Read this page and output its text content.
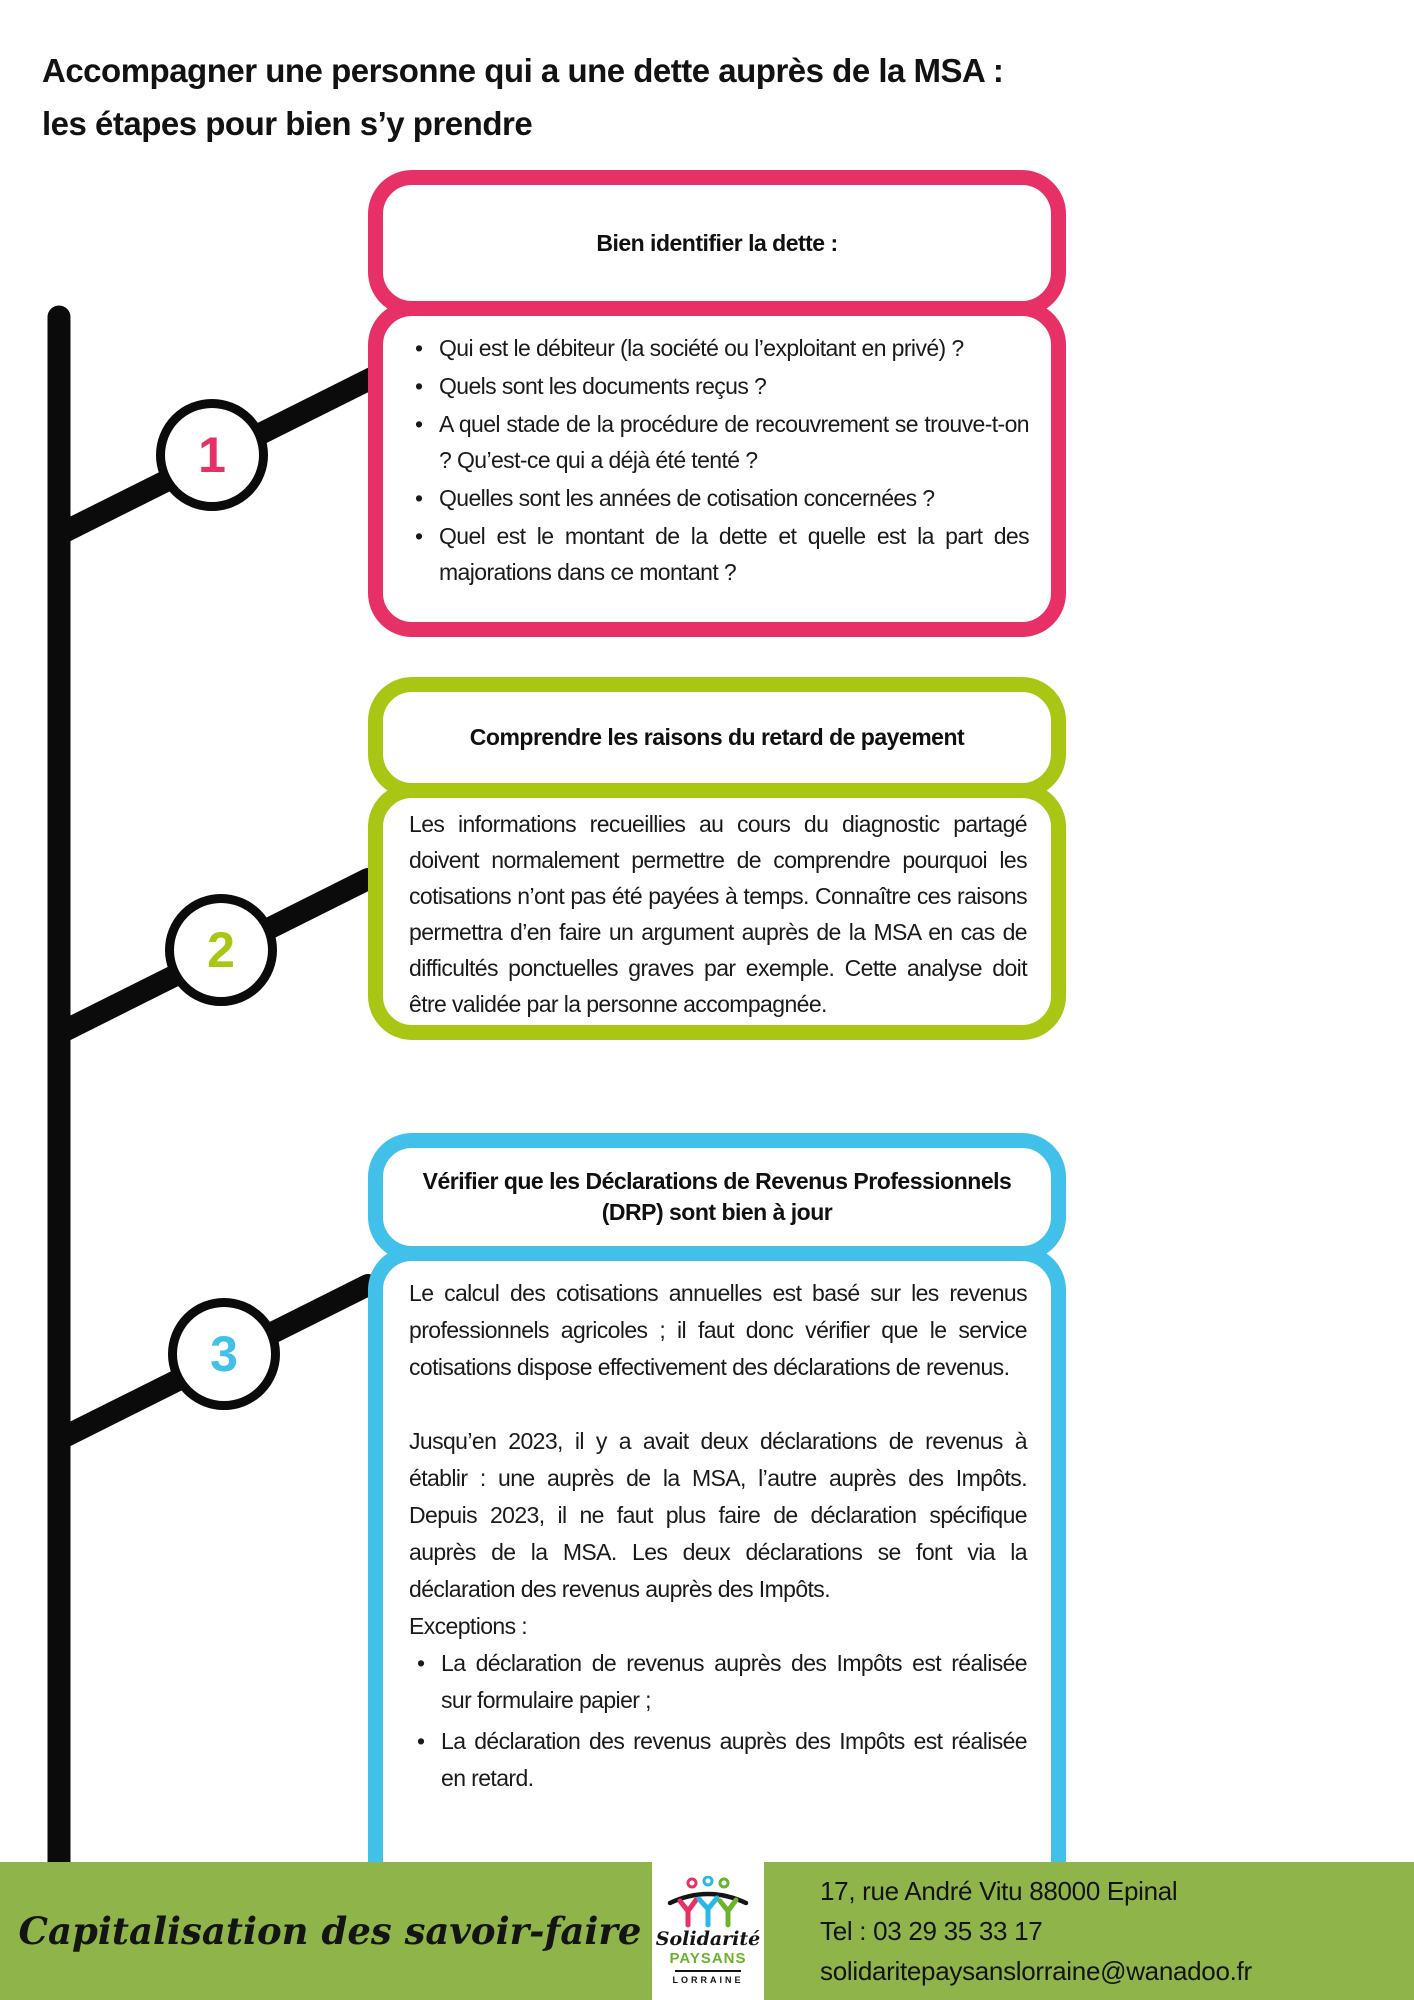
Accompagner une personne qui a une dette auprès de la MSA :
les étapes pour bien s’y prendre
1
2
3
Bien identifier la dette :
• Qui est le débiteur (la société ou l’exploitant en privé) ?
• Quels sont les documents reçus ?
• A quel stade de la procédure de recouvrement se trouve-t-on ? Qu’est-ce qui a déjà été tenté ?
• Quelles sont les années de cotisation concernées ?
• Quel est le montant de la dette et quelle est la part des majorations dans ce montant ?
Comprendre les raisons du retard de payement

Les informations recueillies au cours du diagnostic partagé doivent normalement permettre de comprendre pourquoi les cotisations n’ont pas été payées à temps. Connaître ces raisons permettra d’en faire un argument auprès de la MSA en cas de difficultés ponctuelles graves par exemple. Cette analyse doit être validée par la personne accompagnée.

Vérifier que les Déclarations de Revenus Professionnels
(DRP) sont bien à jour

Le calcul des cotisations annuelles est basé sur les revenus professionnels agricoles ; il faut donc vérifier que le service cotisations dispose effectivement des déclarations de revenus.

Jusqu’en 2023, il y a avait deux déclarations de revenus à établir : une auprès de la MSA, l’autre auprès des Impôts. Depuis 2023, il ne faut plus faire de déclaration spécifique auprès de la MSA. Les deux déclarations se font via la déclaration des revenus auprès des Impôts.

Exceptions :

• La déclaration de revenus auprès des Impôts est réalisée sur formulaire papier ;
• La déclaration des revenus auprès des Impôts est réalisée en retard.
Capitalisation des savoir-faire Solidarité
PAYSANS
LORRAINE
17, rue André Vitu 88000 Epinal
Tel : 03 29 35 33 17
solidaritepaysanslorraine@wanadoo.fr
